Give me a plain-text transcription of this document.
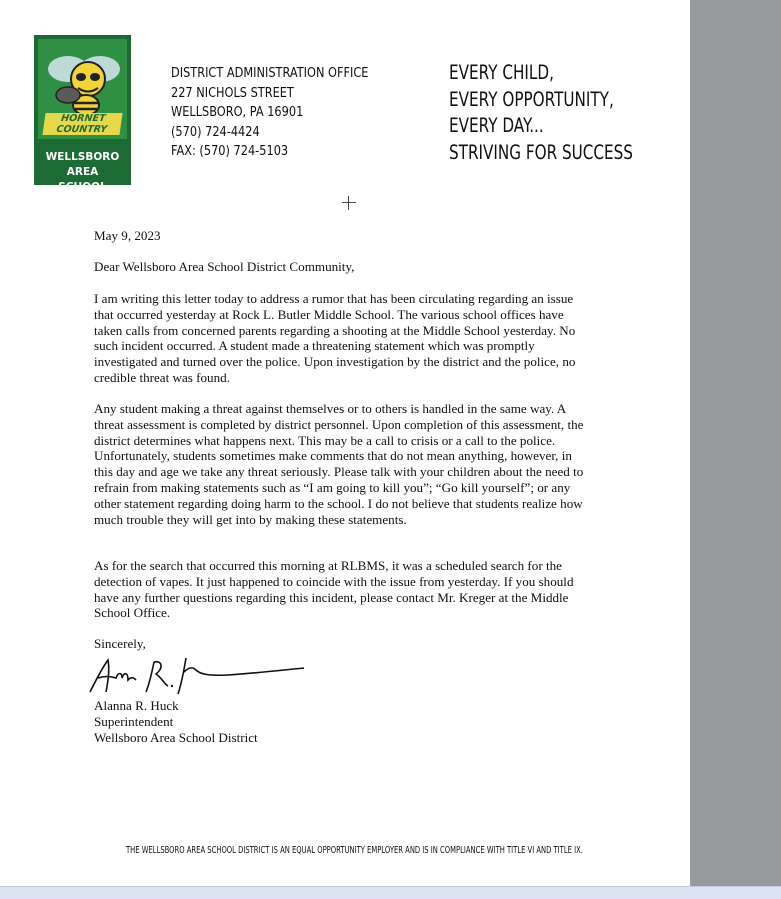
HORNET COUNTRY
WELLSBORO AREA
SCHOOL DISTRICT
DISTRICT ADMINISTRATION OFFICE
227 NICHOLS STREET
WELLSBORO, PA 16901
(570) 724-4424
FAX: (570) 724-5103
EVERY CHILD,
EVERY OPPORTUNITY,
EVERY DAY...
STRIVING FOR SUCCESS
May 9, 2023
Dear Wellsboro Area School District Community,
I am writing this letter today to address a rumor that has been circulating regarding an issue that occurred yesterday at Rock L. Butler Middle School. The various school offices have taken calls from concerned parents regarding a shooting at the Middle School yesterday. No such incident occurred. A student made a threatening statement which was promptly investigated and turned over the police. Upon investigation by the district and the police, no credible threat was found.
Any student making a threat against themselves or to others is handled in the same way. A threat assessment is completed by district personnel. Upon completion of this assessment, the district determines what happens next. This may be a call to crisis or a call to the police. Unfortunately, students sometimes make comments that do not mean anything, however, in this day and age we take any threat seriously. Please talk with your children about the need to refrain from making statements such as “I am going to kill you”; “Go kill yourself”; or any other statement regarding doing harm to the school. I do not believe that students realize how much trouble they will get into by making these statements.
As for the search that occurred this morning at RLBMS, it was a scheduled search for the detection of vapes. It just happened to coincide with the issue from yesterday. If you should have any further questions regarding this incident, please contact Mr. Kreger at the Middle School Office.
Sincerely,
Alanna R. Huck
Superintendent
Wellsboro Area School District
THE WELLSBORO AREA SCHOOL DISTRICT IS AN EQUAL OPPORTUNITY EMPLOYER AND IS IN COMPLIANCE WITH TITLE VI AND TITLE IX.
